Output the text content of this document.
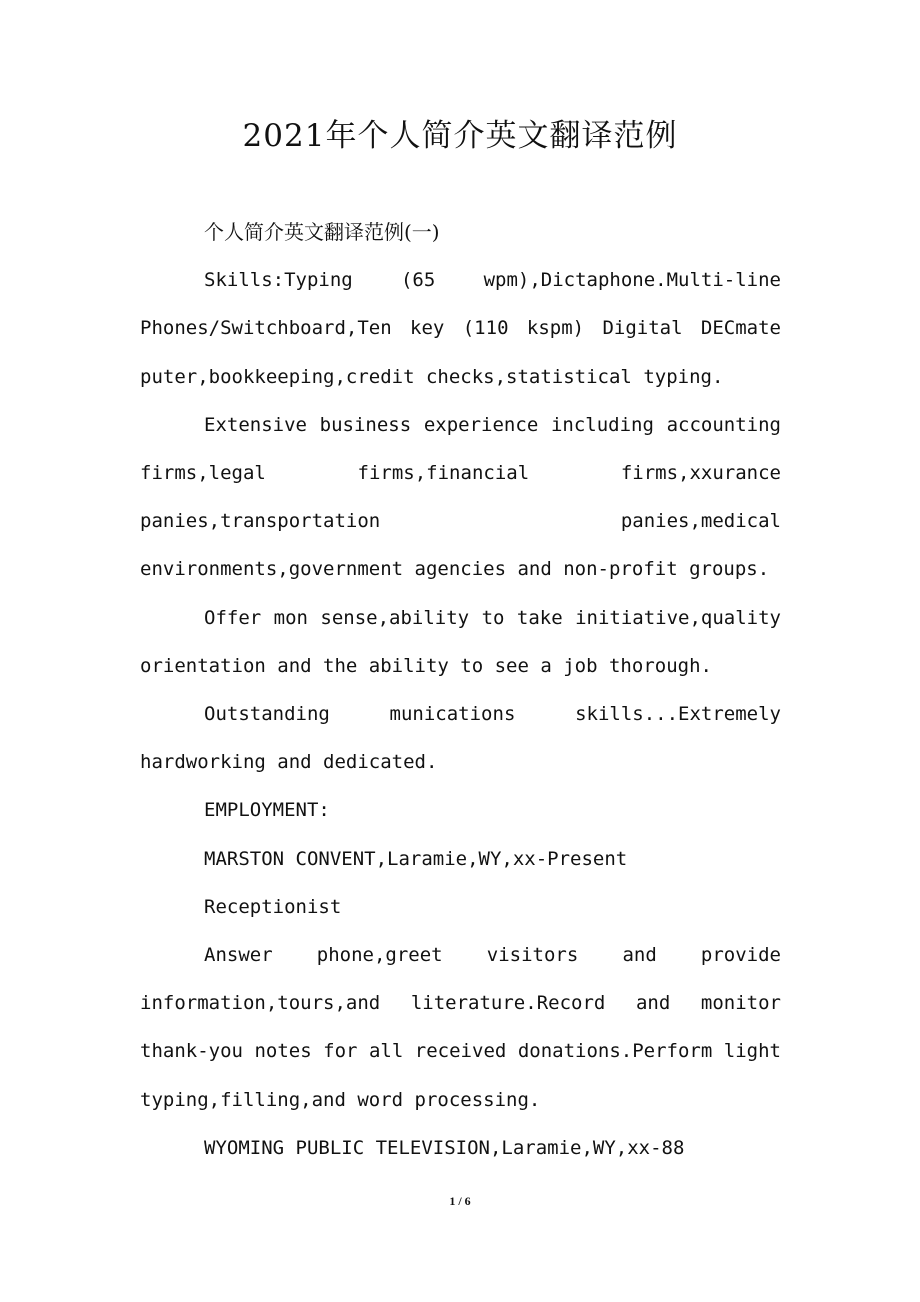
2021年个人简介英文翻译范例

个人简介英文翻译范例(一)

Skills:Typing (65 wpm),Dictaphone.Multi-line Phones/Switchboard,Ten key (110 kspm) Digital DECmate puter,bookkeeping,credit checks,statistical typing.

Extensive business experience including accounting firms,legal firms,financial firms,xxurance panies,transportation panies,medical environments,government agencies and non-profit groups.

Offer mon sense,ability to take initiative,quality orientation and the ability to see a job thorough.

Outstanding munications skills...Extremely hardworking and dedicated.

EMPLOYMENT:

MARSTON CONVENT,Laramie,WY,xx-Present

Receptionist

Answer phone,greet visitors and provide information,tours,and literature.Record and monitor thank-you notes for all received donations.Perform light typing,filling,and word processing.

WYOMING PUBLIC TELEVISION,Laramie,WY,xx-88

1 / 6
